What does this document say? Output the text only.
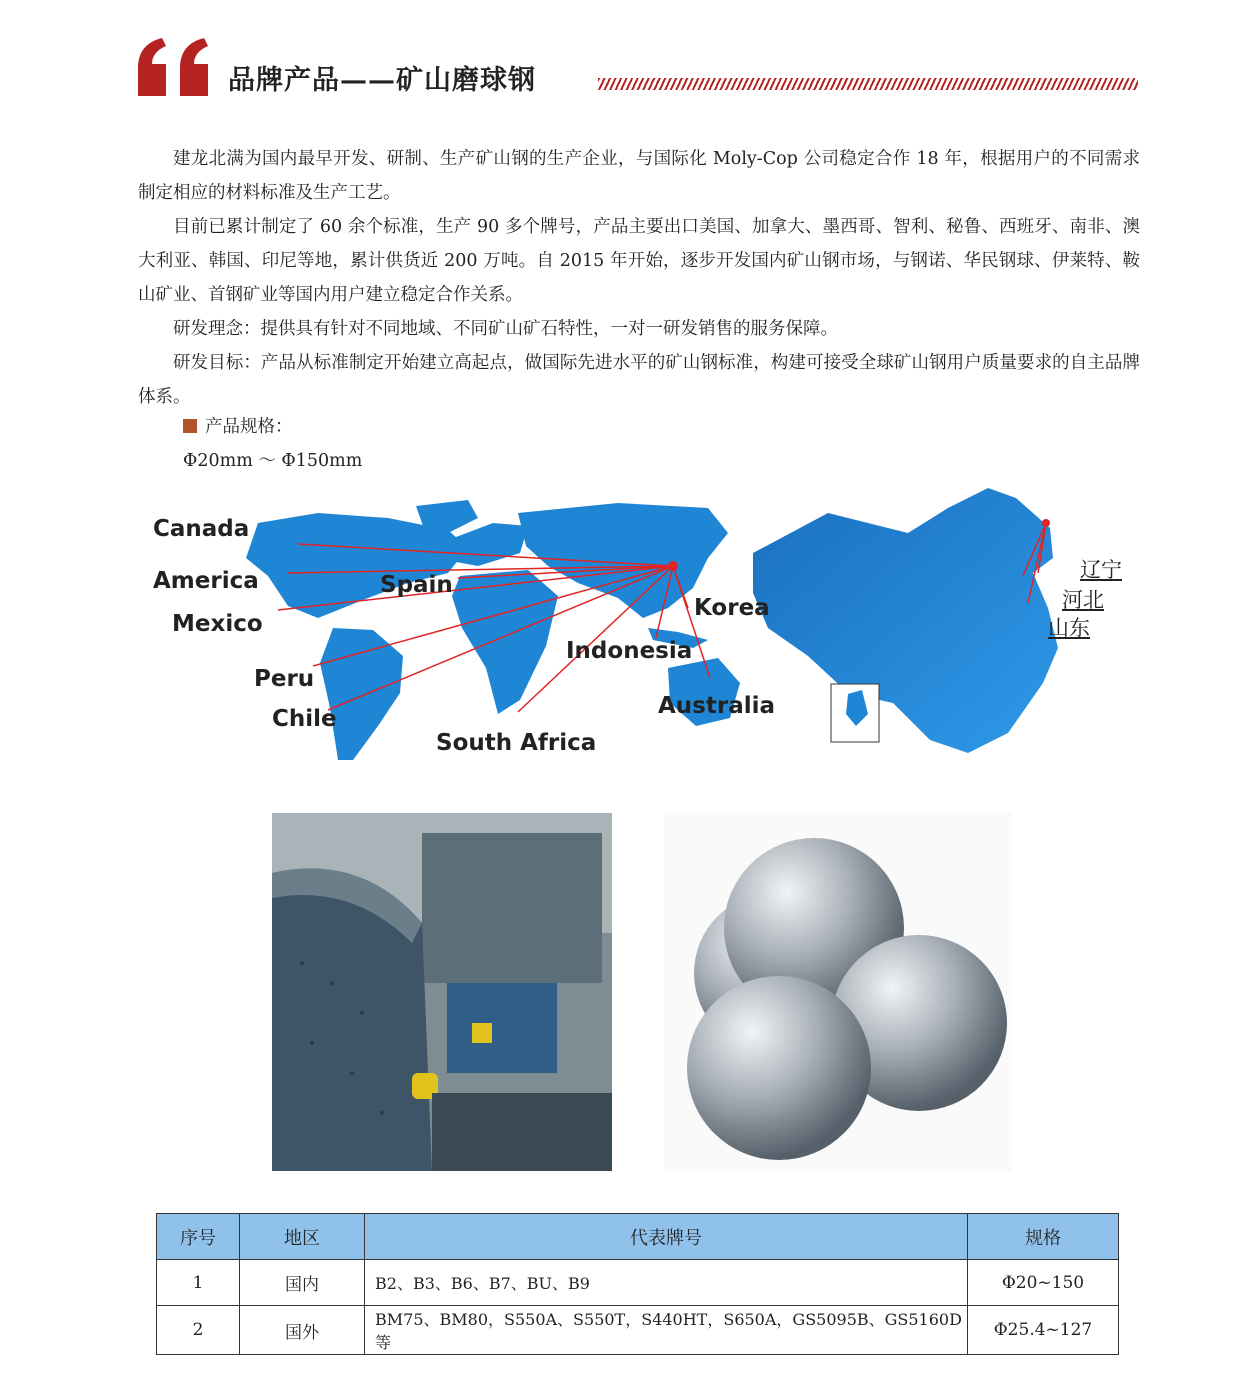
品牌产品——矿山磨球钢
建龙北满为国内最早开发、研制、生产矿山钢的生产企业，与国际化 Moly-Cop 公司稳定合作 18 年，根据用户的不同需求制定相应的材料标准及生产工艺。
目前已累计制定了 60 余个标准，生产 90 多个牌号，产品主要出口美国、加拿大、墨西哥、智利、秘鲁、西班牙、南非、澳大利亚、韩国、印尼等地，累计供货近 200 万吨。自 2015 年开始，逐步开发国内矿山钢市场，与钢诺、华民钢球、伊莱特、鞍山矿业、首钢矿业等国内用户建立稳定合作关系。
研发理念：提供具有针对不同地域、不同矿山矿石特性，一对一研发销售的服务保障。
研发目标：产品从标准制定开始建立高起点，做国际先进水平的矿山钢标准，构建可接受全球矿山钢用户质量要求的自主品牌体系。
产品规格：
Φ20mm ～ Φ150mm
Canada
America
Mexico
Spain
Korea
Indonesia
Peru
Chile
South Africa
Australia
辽宁
河北
山东
序号	地区	代表牌号	规格
1	国内	B2、B3、B6、B7、BU、B9	Φ20~150
2	国外	BM75、BM80，S550A、S550T，S440HT，S650A，GS5095B、GS5160D 等	Φ25.4~127
